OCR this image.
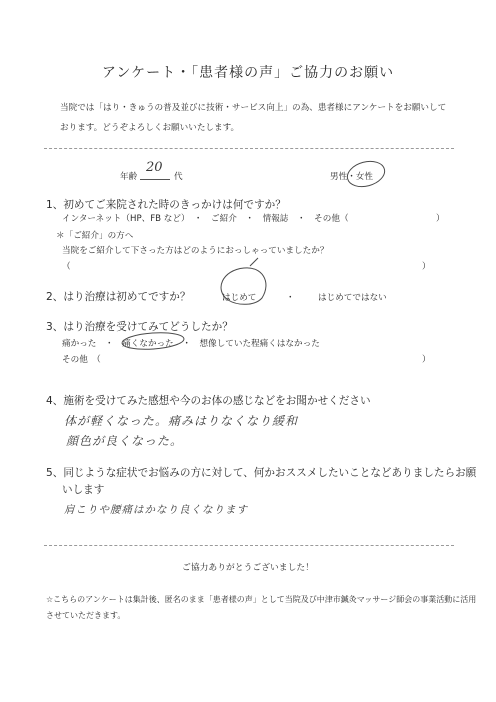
アンケート・「患者様の声」ご協力のお願い
当院では「はり・きゅうの普及並びに技術・サービス向上」の為、患者様にアンケートをお願いして
おります。どうぞよろしくお願いいたします。
年齢
20
代	男性・女性
1、初めてご来院された時のきっかけは何ですか？
インターネット（HP、FB など）　・　ご紹介　・　情報誌　・　その他（	）
＊「ご紹介」の方へ
当院をご紹介して下さった方はどのようにおっしゃっていましたか？
（	）
2、はり治療は初めてですか？	はじめて	・	はじめてではない
3、はり治療を受けてみてどうしたか？
痛かった　・　痛くなかった　・　想像していた程痛くはなかった
その他　（	）
4、施術を受けてみた感想や今のお体の感じなどをお聞かせください
体が軽くなった。痛みはりなくなり緩和
顔色が良くなった。
5、同じような症状でお悩みの方に対して、何かおススメしたいことなどありましたらお願
いします
肩こりや腰痛はかなり良くなります
ご協力ありがとうございました！
☆こちらのアンケートは集計後、匿名のまま「患者様の声」として当院及び中津市鍼灸マッサージ師会の事業活動に活用
させていただきます。
